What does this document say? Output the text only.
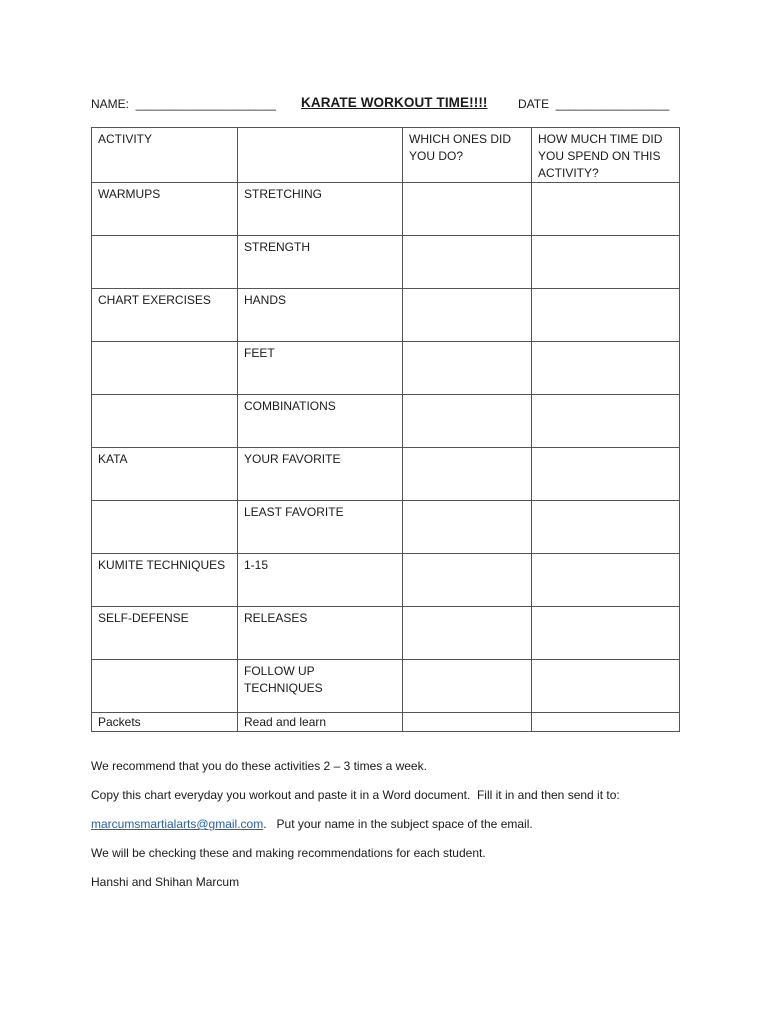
NAME:  _____________________ KARATE WORKOUT TIME!!!!	DATE  _________________
ACTIVITY		WHICH ONES DID YOU DO?	HOW MUCH TIME DID YOU SPEND ON THIS ACTIVITY?
WARMUPS	STRETCHING		
	STRENGTH		
CHART EXERCISES	HANDS		
	FEET		
	COMBINATIONS		
KATA	YOUR FAVORITE		
	LEAST FAVORITE		
KUMITE TECHNIQUES	1-15		
SELF-DEFENSE	RELEASES		
	FOLLOW UP TECHNIQUES		
Packets	Read and learn		

We recommend that you do these activities 2 – 3 times a week.

Copy this chart everyday you workout and paste it in a Word document.  Fill it in and then send it to:

marcumsmartialarts@gmail.com.   Put your name in the subject space of the email.

We will be checking these and making recommendations for each student.

Hanshi and Shihan Marcum
